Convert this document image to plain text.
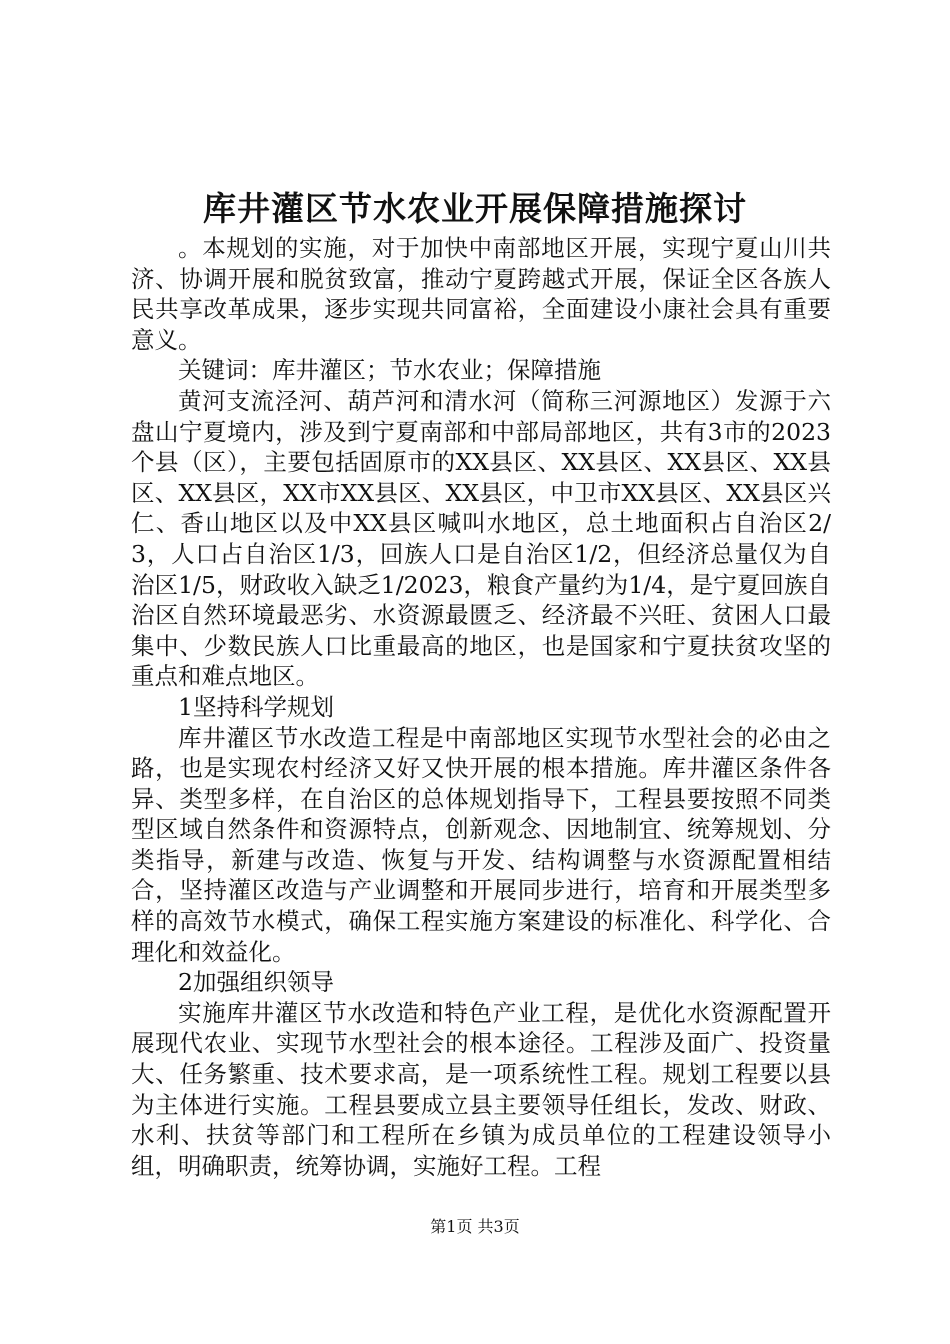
库井灌区节水农业开展保障措施探讨

。本规划的实施，对于加快中南部地区开展，实现宁夏山川共济、协调开展和脱贫致富，推动宁夏跨越式开展，保证全区各族人民共享改革成果，逐步实现共同富裕，全面建设小康社会具有重要意义。

关键词：库井灌区；节水农业；保障措施

黄河支流泾河、葫芦河和清水河（简称三河源地区）发源于六盘山宁夏境内，涉及到宁夏南部和中部局部地区，共有3市的2023个县（区），主要包括固原市的XX县区、XX县区、XX县区、XX县区、XX县区，XX市XX县区、XX县区，中卫市XX县区、XX县区兴仁、香山地区以及中XX县区喊叫水地区，总土地面积占自治区2/3，人口占自治区1/3，回族人口是自治区1/2，但经济总量仅为自治区1/5，财政收入缺乏1/2023，粮食产量约为1/4，是宁夏回族自治区自然环境最恶劣、水资源最匮乏、经济最不兴旺、贫困人口最集中、少数民族人口比重最高的地区，也是国家和宁夏扶贫攻坚的重点和难点地区。

1坚持科学规划

库井灌区节水改造工程是中南部地区实现节水型社会的必由之路，也是实现农村经济又好又快开展的根本措施。库井灌区条件各异、类型多样，在自治区的总体规划指导下，工程县要按照不同类型区域自然条件和资源特点，创新观念、因地制宜、统筹规划、分类指导，新建与改造、恢复与开发、结构调整与水资源配置相结合，坚持灌区改造与产业调整和开展同步进行，培育和开展类型多样的高效节水模式，确保工程实施方案建设的标准化、科学化、合理化和效益化。

2加强组织领导

实施库井灌区节水改造和特色产业工程，是优化水资源配置开展现代农业、实现节水型社会的根本途径。工程涉及面广、投资量大、任务繁重、技术要求高，是一项系统性工程。规划工程要以县为主体进行实施。工程县要成立县主要领导任组长，发改、财政、水利、扶贫等部门和工程所在乡镇为成员单位的工程建设领导小组，明确职责，统筹协调，实施好工程。工程

第1页 共3页
